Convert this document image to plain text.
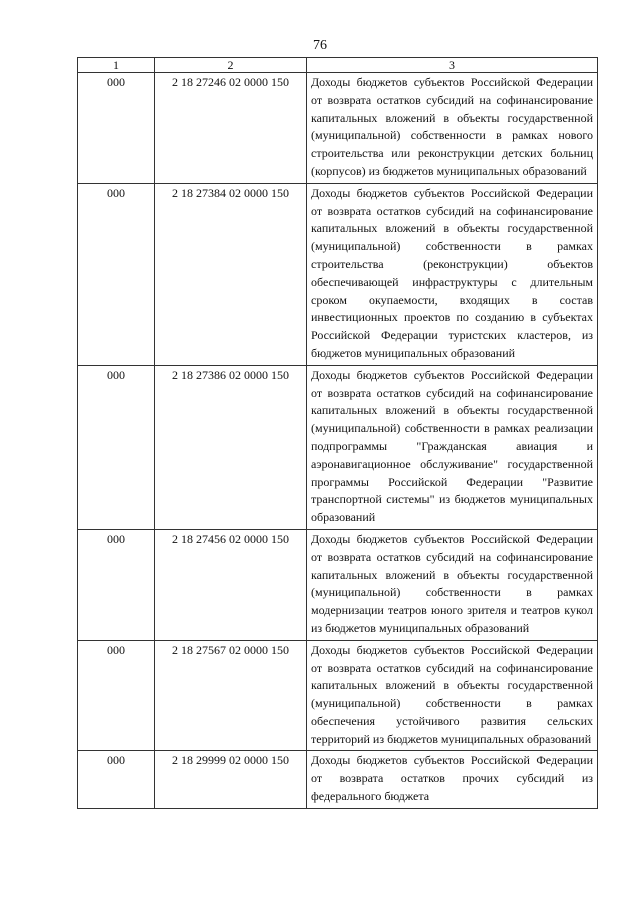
76
1	2	3
000	2 18 27246 02 0000 150	Доходы бюджетов субъектов Российской Федерации от возврата остатков субсидий на софинансирование капитальных вложений в объекты государственной (муниципальной) собственности в рамках нового строительства или реконструкции детских больниц (корпусов) из бюджетов муниципальных образований
000	2 18 27384 02 0000 150	Доходы бюджетов субъектов Российской Федерации от возврата остатков субсидий на софинансирование капитальных вложений в объекты государственной (муниципальной) собственности в рамках строительства (реконструкции) объектов обеспечивающей инфраструктуры с длительным сроком окупаемости, входящих в состав инвестиционных проектов по созданию в субъектах Российской Федерации туристских кластеров, из бюджетов муниципальных образований
000	2 18 27386 02 0000 150	Доходы бюджетов субъектов Российской Федерации от возврата остатков субсидий на софинансирование капитальных вложений в объекты государственной (муниципальной) собственности в рамках реализации подпрограммы "Гражданская авиация и аэронавигационное обслуживание" государственной программы Российской Федерации "Развитие транспортной системы" из бюджетов муниципальных образований
000	2 18 27456 02 0000 150	Доходы бюджетов субъектов Российской Федерации от возврата остатков субсидий на софинансирование капитальных вложений в объекты государственной (муниципальной) собственности в рамках модернизации театров юного зрителя и театров кукол из бюджетов муниципальных образований
000	2 18 27567 02 0000 150	Доходы бюджетов субъектов Российской Федерации от возврата остатков субсидий на софинансирование капитальных вложений в объекты государственной (муниципальной) собственности в рамках обеспечения устойчивого развития сельских территорий из бюджетов муниципальных образований
000	2 18 29999 02 0000 150	Доходы бюджетов субъектов Российской Федерации от возврата остатков прочих субсидий из федерального бюджета
